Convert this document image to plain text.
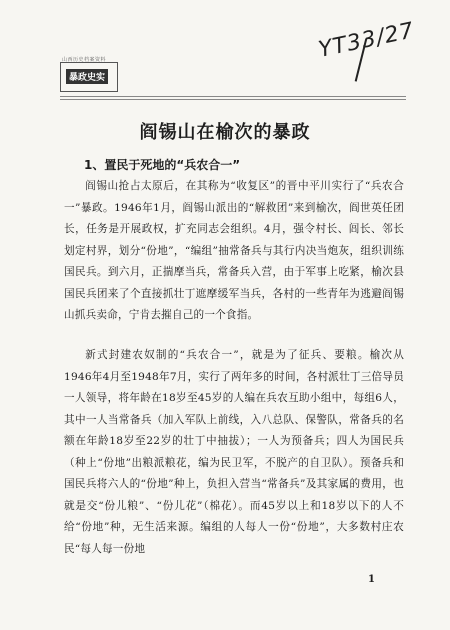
YT33/27
山西历史档案资料
暴政史实
阎锡山在榆次的暴政
1、置民于死地的“兵农合一”

阎锡山抢占太原后，在其称为“收复区”的晋中平川实行了“兵农合一”暴政。1946年1月，阎锡山派出的“解救团”来到榆次，阎世英任团长，任务是开展政权，扩充同志会组织。4月，强令村长、闾长、邻长划定村界，划分“份地”，“编组”抽常备兵与其行内决当炮灰，组织训练国民兵。到六月，正揣摩当兵，常备兵入营，由于军事上吃紧，榆次县国民兵团来了个直接抓壮丁遮摩缓军当兵，各村的一些青年为逃避阎锡山抓兵卖命，宁肯去摧自己的一个食指。

新式封建农奴制的“兵农合一”，就是为了征兵、要粮。榆次从1946年4月至1948年7月，实行了两年多的时间，各村派壮丁三倍导员一人领导，将年龄在18岁至45岁的人编在兵农互助小组中，每组6人，其中一人当常备兵（加入军队上前线，入八总队、保警队，常备兵的名额在年龄18岁至22岁的壮丁中抽拔）；一人为预备兵；四人为国民兵（种上“份地”出粮派粮花，编为民卫军，不脱产的自卫队）。预备兵和国民兵将六人的“份地”种上，负担入营当“常备兵”及其家属的费用，也就是交“份儿粮”、“份儿花”（棉花）。而45岁以上和18岁以下的人不给“份地”种，无生活来源。编组的人每人一份“份地”，大多数村庄农民“每人每一份地

1
